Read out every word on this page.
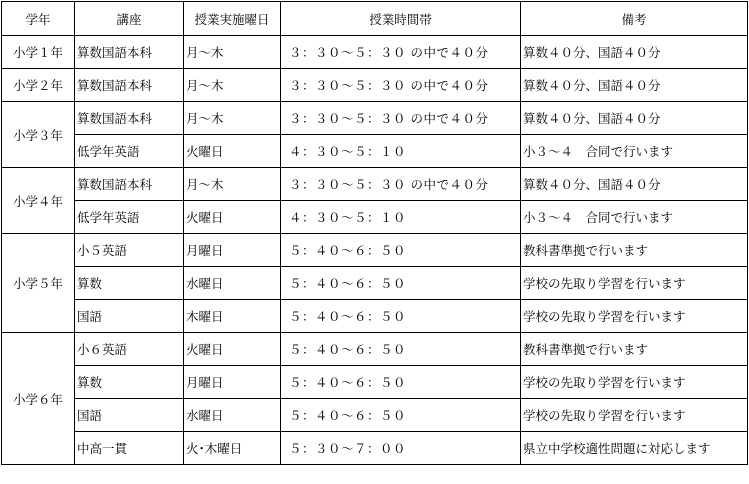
学年	講座	授業実施曜日	授業時間帯	備考
小学１年	算数国語本科	月～木	３：３０～５：３０ の中で４０分	算数４０分、国語４０分
小学２年	算数国語本科	月～木	３：３０～５：３０ の中で４０分	算数４０分、国語４０分
小学３年	算数国語本科	月～木	３：３０～５：３０ の中で４０分	算数４０分、国語４０分
	低学年英語	火曜日	４：３０～５：１０	小３～４　合同で行います
小学４年	算数国語本科	月～木	３：３０～５：３０ の中で４０分	算数４０分、国語４０分
	低学年英語	火曜日	４：３０～５：１０	小３～４　合同で行います
小学５年	小５英語	月曜日	５：４０～６：５０	教科書準拠で行います
	算数	水曜日	５：４０～６：５０	学校の先取り学習を行います
	国語	木曜日	５：４０～６：５０	学校の先取り学習を行います
小学６年	小６英語	火曜日	５：４０～６：５０	教科書準拠で行います
	算数	月曜日	５：４０～６：５０	学校の先取り学習を行います
	国語	水曜日	５：４０～６：５０	学校の先取り学習を行います
	中高一貫	火･木曜日	５：３０～７：００	県立中学校適性問題に対応します
